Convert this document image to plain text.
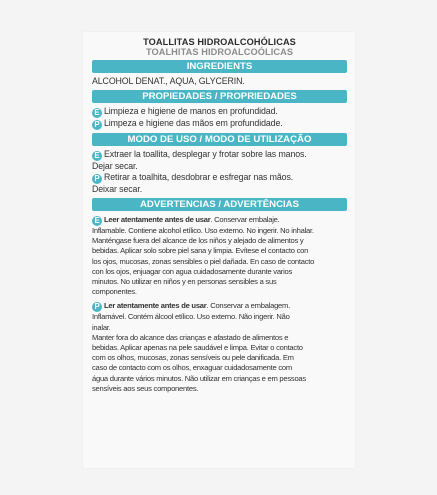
TOALLITAS HIDROALCOHÓLICAS
TOALHITAS HIDROALCOÓLICAS
INGREDIENTS
ALCOHOL DENAT., AQUA, GLYCERIN.
PROPIEDADES / PROPRIEDADES
E Limpieza e higiene de manos en profundidad.
P Limpeza e higiene das mãos em profundidade.
MODO DE USO / MODO DE UTILIZAÇÃO
E Extraer la toallita, desplegar y frotar sobre las manos.
Dejar secar.
P Retirar a toalhita, desdobrar e esfregar nas mãos.
Deixar secar.
ADVERTENCIAS / ADVERTÊNCIAS
E Leer atentamente antes de usar. Conservar embalaje.
Inflamable. Contiene alcohol etílico. Uso externo. No ingerir. No inhalar.
Manténgase fuera del alcance de los niños y alejado de alimentos y
bebidas. Aplicar solo sobre piel sana y limpia. Evítese el contacto con
los ojos, mucosas, zonas sensibles o piel dañada. En caso de contacto
con los ojos, enjuagar con agua cuidadosamente durante varios
minutos. No utilizar en niños y en personas sensibles a sus
componentes.
P Ler atentamente antes de usar. Conservar a embalagem.
Inflamável. Contém álcool etílico. Uso externo. Não ingerir. Não
inalar.
Manter fora do alcance das crianças e afastado de alimentos e
bebidas. Aplicar apenas na pele saudável e limpa. Evitar o contacto
com os olhos, mucosas, zonas sensíveis ou pele danificada. Em
caso de contacto com os olhos, enxaguar cuidadosamente com
água durante vários minutos. Não utilizar em crianças e em pessoas
sensíveis aos seus componentes.
